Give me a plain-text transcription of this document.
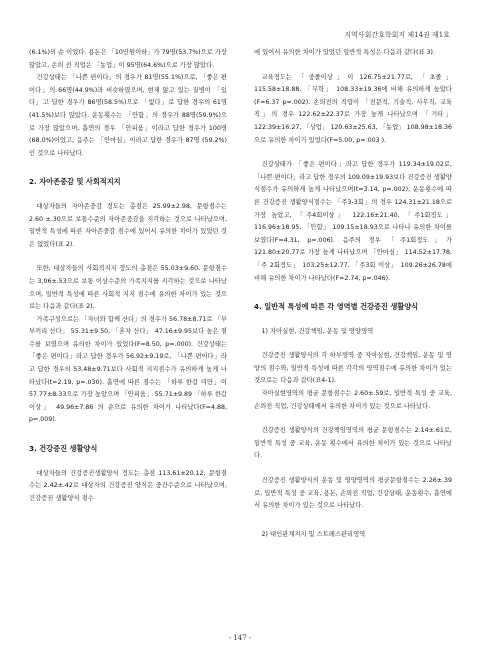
지역사회간호학회지 제14권 제1호

(6.1%)의 순 이었다. 용돈은 「10만원이하」가 79명(53.7%)으로 가장 많았고, 손뢰 전 직업은 「농업」이 95명(64.6%)으로 가장 많았다.

건강상태는 「나쁜 편이다」의 경우가 81명(55.1%)으로, 「좋은 편이다」의 66명(44.9%)과 비슷하였으며, 현재 앓고 있는 질병이 「있다」고 답한 경우가 86명(58.5%)으로 「없다」로 답한 경우의 61명(41.5%)보다 많았다. 운동횟수는 「안함」의 경우가 88명(59.9%)으로 가장 많았으며, 흡연의 경우 「안피움」이라고 답한 경우가 100명(68.0%)이었고, 음주는 「안마심」이라고 답한 경우가 87명 (59.2%)인 것으로 나타났다.

2. 자아존중감 및 사회적지지

대상자들의 자아존중감 정도는 총점은 25.99±2.98, 문항점수는 2.60 ±.30으로 보통수준의 자아존중감을 지각하는 것으로 나타났으며, 일반적 특성에 따른 자아존중감 점수에 있어서 유의한 차이가 있었던 것은 없었다(표 2).

또한, 대상자들의 사회적지지 정도의 총점은 55.03±9.60, 문항점수는 3.06±.53으로 보통 이상수준의 가족지지를 지각하는 것으로 나타났으며, 일반적 특성에 따른 사회적 지지 점수에 유의한 차이가 있는 것으로는 다음과 같다(표 2).

가족구성으로는 「자녀와 함께 산다」의 경우가 56.78±8.71로 「부부끼리 산다」 55.31±9.50, 「혼자 산다」 47.16±9.95보다 높은 점수를 보였으며 유의한 차이가 있었다(F=8.50, p=.000). 건강상태는 「좋은 편이다」라고 답한 경우가 56.92±9.19로, 「나쁜 편이다」라고 답한 경우의 53.48±9.71보다 사회적 지지점수가 유의하게 높게 나타났다(t=2.19, p=.030). 흡연에 따른 점수는 「하루 한갑 미만」이 57.77±8.33으로 가장 높았으며 「안피움」 55.71±9.89 「하루 한갑 이상」 49.96±7.86 의 순으로 유의한 차이가 나타났다(F=4.88, p=.009).

3. 건강증진 생활양식

대상자들의 건강증진생활양식 정도는 총점 113.61±20.12, 문항점수는 2.42±.42로 대상자의 건강증진 양식은 중간수준으로 나타났으며, 건강증진 생활양식 점수

에 있어서 유의한 차이가 있었던 일반적 특성은 다음과 같다(표 3).

교육정도는 「중졸이상」이 126.75±21.77로, 「초졸」 115.58±18.88, 「무학」 108.33±19.36에 비해 유의하게 높았다(F=6.37 p=.002). 손뢰전의 직업이 「전문직, 기술직, 사무직, 교육직」의 경우 122.62±22.37로 가장 높게 나타났으며 「기타」 122.39±16.27, 「상업」 120.63±25.63, 「농업」 108.98±18.36으로 유의한 차이가 있었다(F=5.00, p=.003 ).

건강상태가 「좋은 편이다」라고 답한 경우가 119.34±19.02로, 「나쁜 편이다」라고 답한 경우의 109.09±19.93보다 건강증진 생활양식점수가 유의하게 높게 나타났으며(t=3.14, p=.002), 운동횟수에 따른 건강증진 생활양식점수는 「주3-3회」의 경우 124.31±21.18으로 가장 높았고, 「주4회이상」 122.16±21.40, 「주1회정도」 116.96±18.95, 「안함」 109.15±18.93으로 나타나 유의한 차이를 보였다(F=4.31, p=.006). 음주의 경우 「주1회정도」가 121.80±20.77로 가장 높게 나타났으며 「안마심」 114.52±17.78, 「주 2회정도」 103.25±12.77, 「주3회 이상」 109.26±26.78에 비해 유의한 차이가 나타났다(F=2.74, p=.046).

4. 일반적 특성에 따른 각 영역별 건강증진 생활양식

1) 자아실현, 건강책임, 운동 및 영양영역

건강증진 생활양식의 각 하부영역 중 자아실현, 건강책임, 운동 및 영양의 점수와, 일반적 특성에 따른 각각의 영역점수에 유의한 차이가 있는 것으로는 다음과 같다(표4-1).

자아실현영역의 평균 문항점수는 2.60±.59로, 일반적 특성 중 교육, 손뢰전 직업, 건강상태에서 유의한 차이가 있는 것으로 나타났다.

건강증진 생활양식의 건강책임영역의 평균 문항점수는 2.14±.61로, 일반적 특성 중 교육, 운동 횟수에서 유의한 차이가 있는 것으로 나타났다.

건강증진 생활양식의 운동 및 영양영역의 평균문항점수는 2.26±.39로, 일반적 특성 중 교육, 용돈, 손뢰전 직업, 건강상태, 운동횟수, 흡연에서 유의한 차이가 있는 것으로 나타났다.

2) 대인관계지지 및 스트레스관리영역

- 147 -
